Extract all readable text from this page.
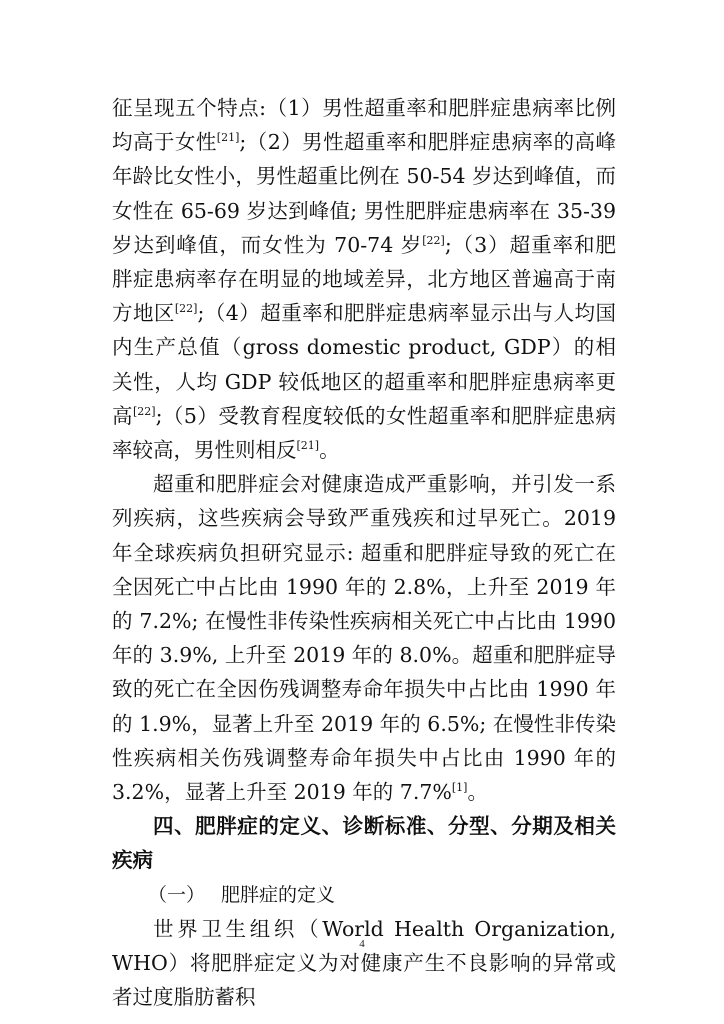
征呈现五个特点:（1）男性超重率和肥胖症患病率比例均高于女性[21];（2）男性超重率和肥胖症患病率的高峰年龄比女性小，男性超重比例在 50-54 岁达到峰值，而女性在 65-69 岁达到峰值; 男性肥胖症患病率在 35-39 岁达到峰值，而女性为 70-74 岁[22];（3）超重率和肥胖症患病率存在明显的地域差异，北方地区普遍高于南方地区[22];（4）超重率和肥胖症患病率显示出与人均国内生产总值（gross domestic product, GDP）的相关性，人均 GDP 较低地区的超重率和肥胖症患病率更高[22];（5）受教育程度较低的女性超重率和肥胖症患病率较高，男性则相反[21]。

超重和肥胖症会对健康造成严重影响，并引发一系列疾病，这些疾病会导致严重残疾和过早死亡。2019 年全球疾病负担研究显示: 超重和肥胖症导致的死亡在全因死亡中占比由 1990 年的 2.8%，上升至 2019 年的 7.2%; 在慢性非传染性疾病相关死亡中占比由 1990 年的 3.9%, 上升至 2019 年的 8.0%。超重和肥胖症导致的死亡在全因伤残调整寿命年损失中占比由 1990 年的 1.9%，显著上升至 2019 年的 6.5%; 在慢性非传染性疾病相关伤残调整寿命年损失中占比由 1990 年的 3.2%，显著上升至 2019 年的 7.7%[1]。

四、肥胖症的定义、诊断标准、分型、分期及相关疾病

（一） 肥胖症的定义

世界卫生组织（World Health Organization, WHO）将肥胖症定义为对健康产生不良影响的异常或者过度脂肪蓄积

4
